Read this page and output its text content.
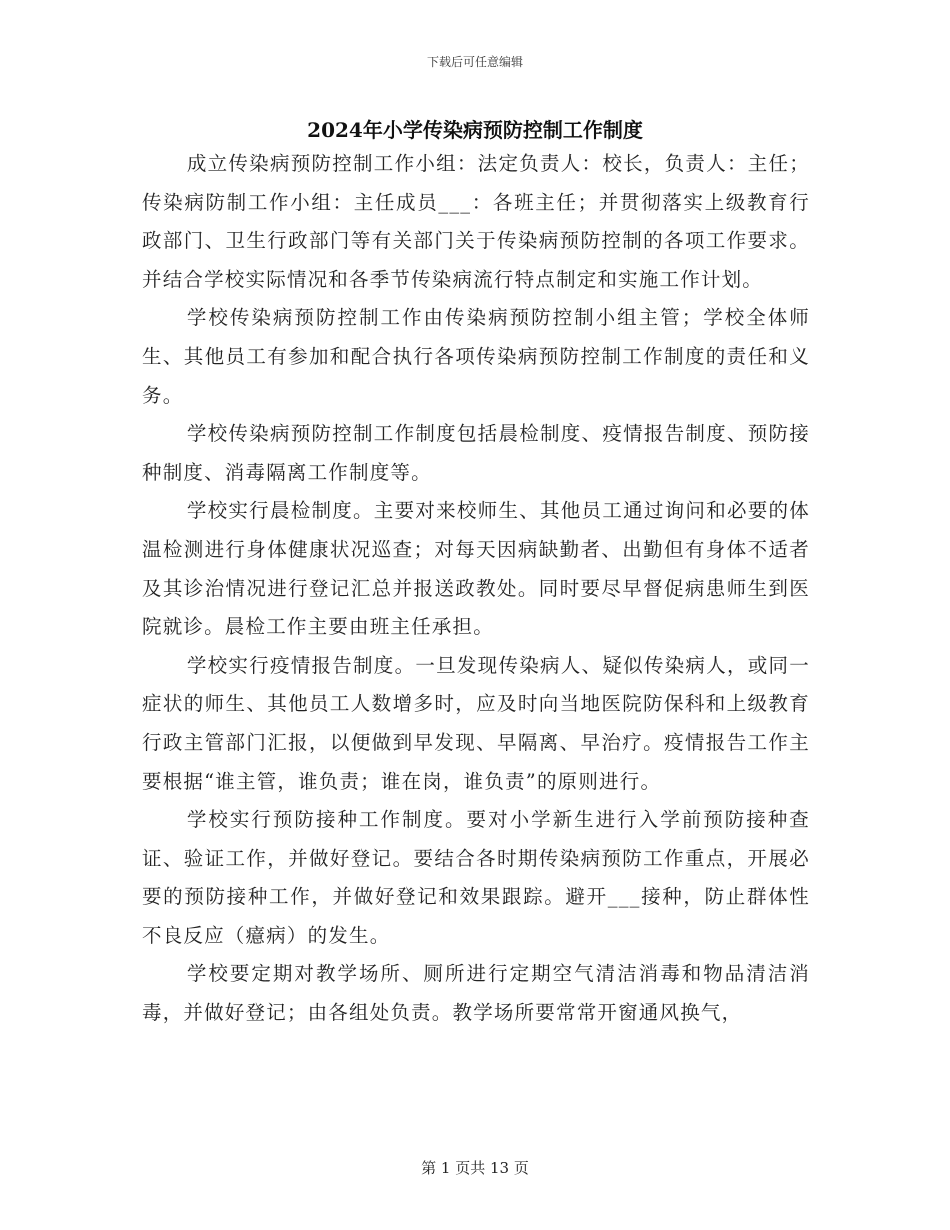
下载后可任意编辑
2024年小学传染病预防控制工作制度

成立传染病预防控制工作小组：法定负责人：校长，负责人：主任；传染病防制工作小组：主任成员___：各班主任；并贯彻落实上级教育行政部门、卫生行政部门等有关部门关于传染病预防控制的各项工作要求。并结合学校实际情况和各季节传染病流行特点制定和实施工作计划。

学校传染病预防控制工作由传染病预防控制小组主管；学校全体师生、其他员工有参加和配合执行各项传染病预防控制工作制度的责任和义务。

学校传染病预防控制工作制度包括晨检制度、疫情报告制度、预防接种制度、消毒隔离工作制度等。

学校实行晨检制度。主要对来校师生、其他员工通过询问和必要的体温检测进行身体健康状况巡查；对每天因病缺勤者、出勤但有身体不适者及其诊治情况进行登记汇总并报送政教处。同时要尽早督促病患师生到医院就诊。晨检工作主要由班主任承担。

学校实行疫情报告制度。一旦发现传染病人、疑似传染病人，或同一症状的师生、其他员工人数增多时，应及时向当地医院防保科和上级教育行政主管部门汇报，以便做到早发现、早隔离、早治疗。疫情报告工作主要根据“谁主管，谁负责；谁在岗，谁负责”的原则进行。

学校实行预防接种工作制度。要对小学新生进行入学前预防接种查证、验证工作，并做好登记。要结合各时期传染病预防工作重点，开展必要的预防接种工作，并做好登记和效果跟踪。避开___接种，防止群体性不良反应（癔病）的发生。

学校要定期对教学场所、厕所进行定期空气清洁消毒和物品清洁消毒，并做好登记；由各组处负责。教学场所要常常开窗通风换气，

第 1 页共 13 页
